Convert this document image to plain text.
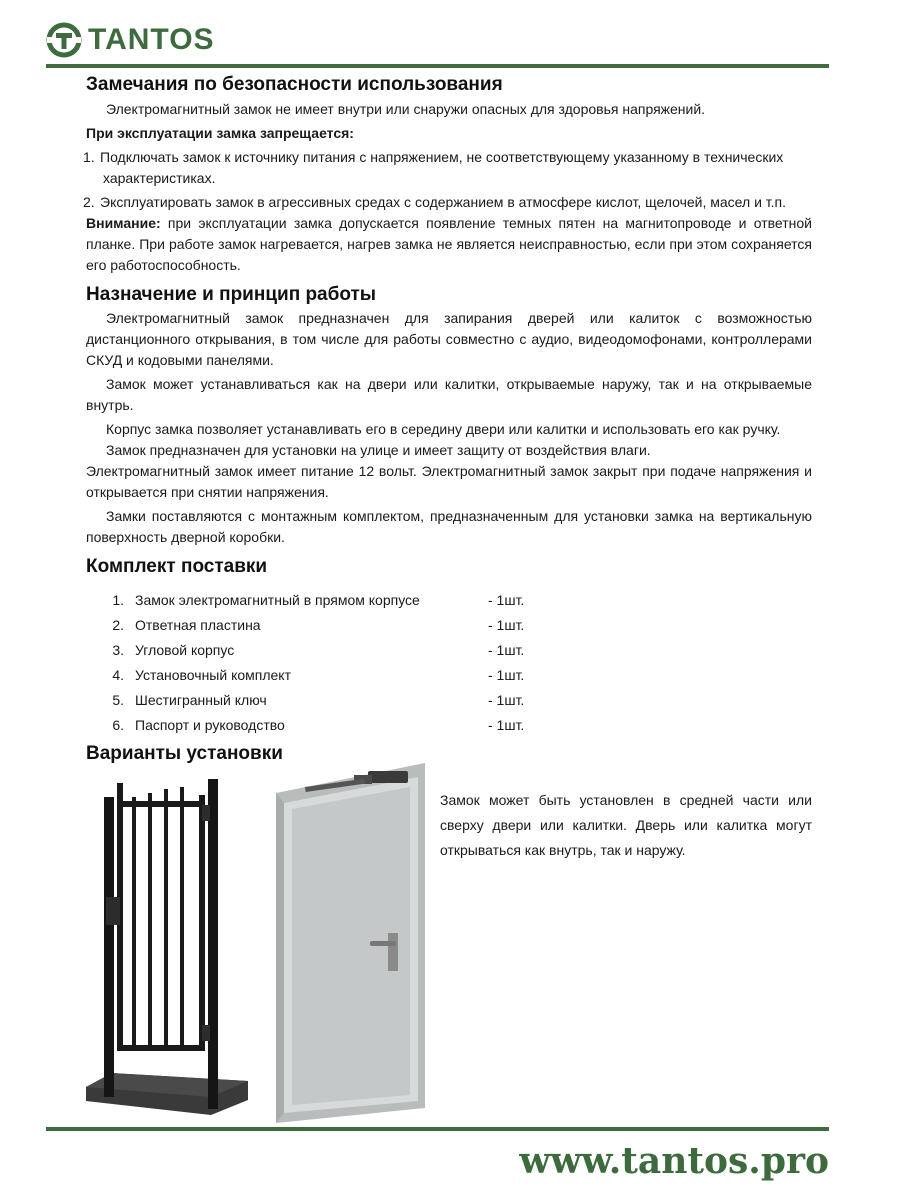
TANTOS
Замечания по безопасности использования

Электромагнитный замок не имеет внутри или снаружи опасных для здоровья напряжений.

При эксплуатации замка запрещается:

1. Подключать замок к источнику питания с напряжением, не соответствующему указанному в технических
характеристиках.
2. Эксплуатировать замок в агрессивных средах с содержанием в атмосфере кислот, щелочей, масел и т.п.

Внимание: при эксплуатации замка допускается появление темных пятен на магнитопроводе и ответной планке. При работе замок нагревается, нагрев замка не является неисправностью, если при этом сохраняется его работоспособность.

Назначение и принцип работы

Электромагнитный замок предназначен для запирания дверей или калиток с возможностью дистанционного открывания, в том числе для работы совместно с аудио, видеодомофонами, контроллерами СКУД и кодовыми панелями.

Замок может устанавливаться как на двери или калитки, открываемые наружу, так и на открываемые внутрь.

Корпус замка позволяет устанавливать его в середину двери или калитки и использовать его как ручку.

Замок предназначен для установки на улице и имеет защиту от воздействия влаги.

Электромагнитный замок имеет питание 12 вольт. Электромагнитный замок закрыт при подаче напряжения и открывается при снятии напряжения.

Замки поставляются с монтажным комплектом, предназначенным для установки замка на вертикальную поверхность дверной коробки.

Комплект поставки
1. Замок электромагнитный в прямом корпусе	- 1шт.
2. Ответная пластина	- 1шт.
3. Угловой корпус	- 1шт.
4. Установочный комплект	- 1шт.
5. Шестигранный ключ	- 1шт.
6. Паспорт и руководство	- 1шт.
Варианты установки

Замок может быть установлен в средней части или сверху двери или калитки. Дверь или калитка могут открываться как внутрь, так и наружу.

www.tantos.pro
